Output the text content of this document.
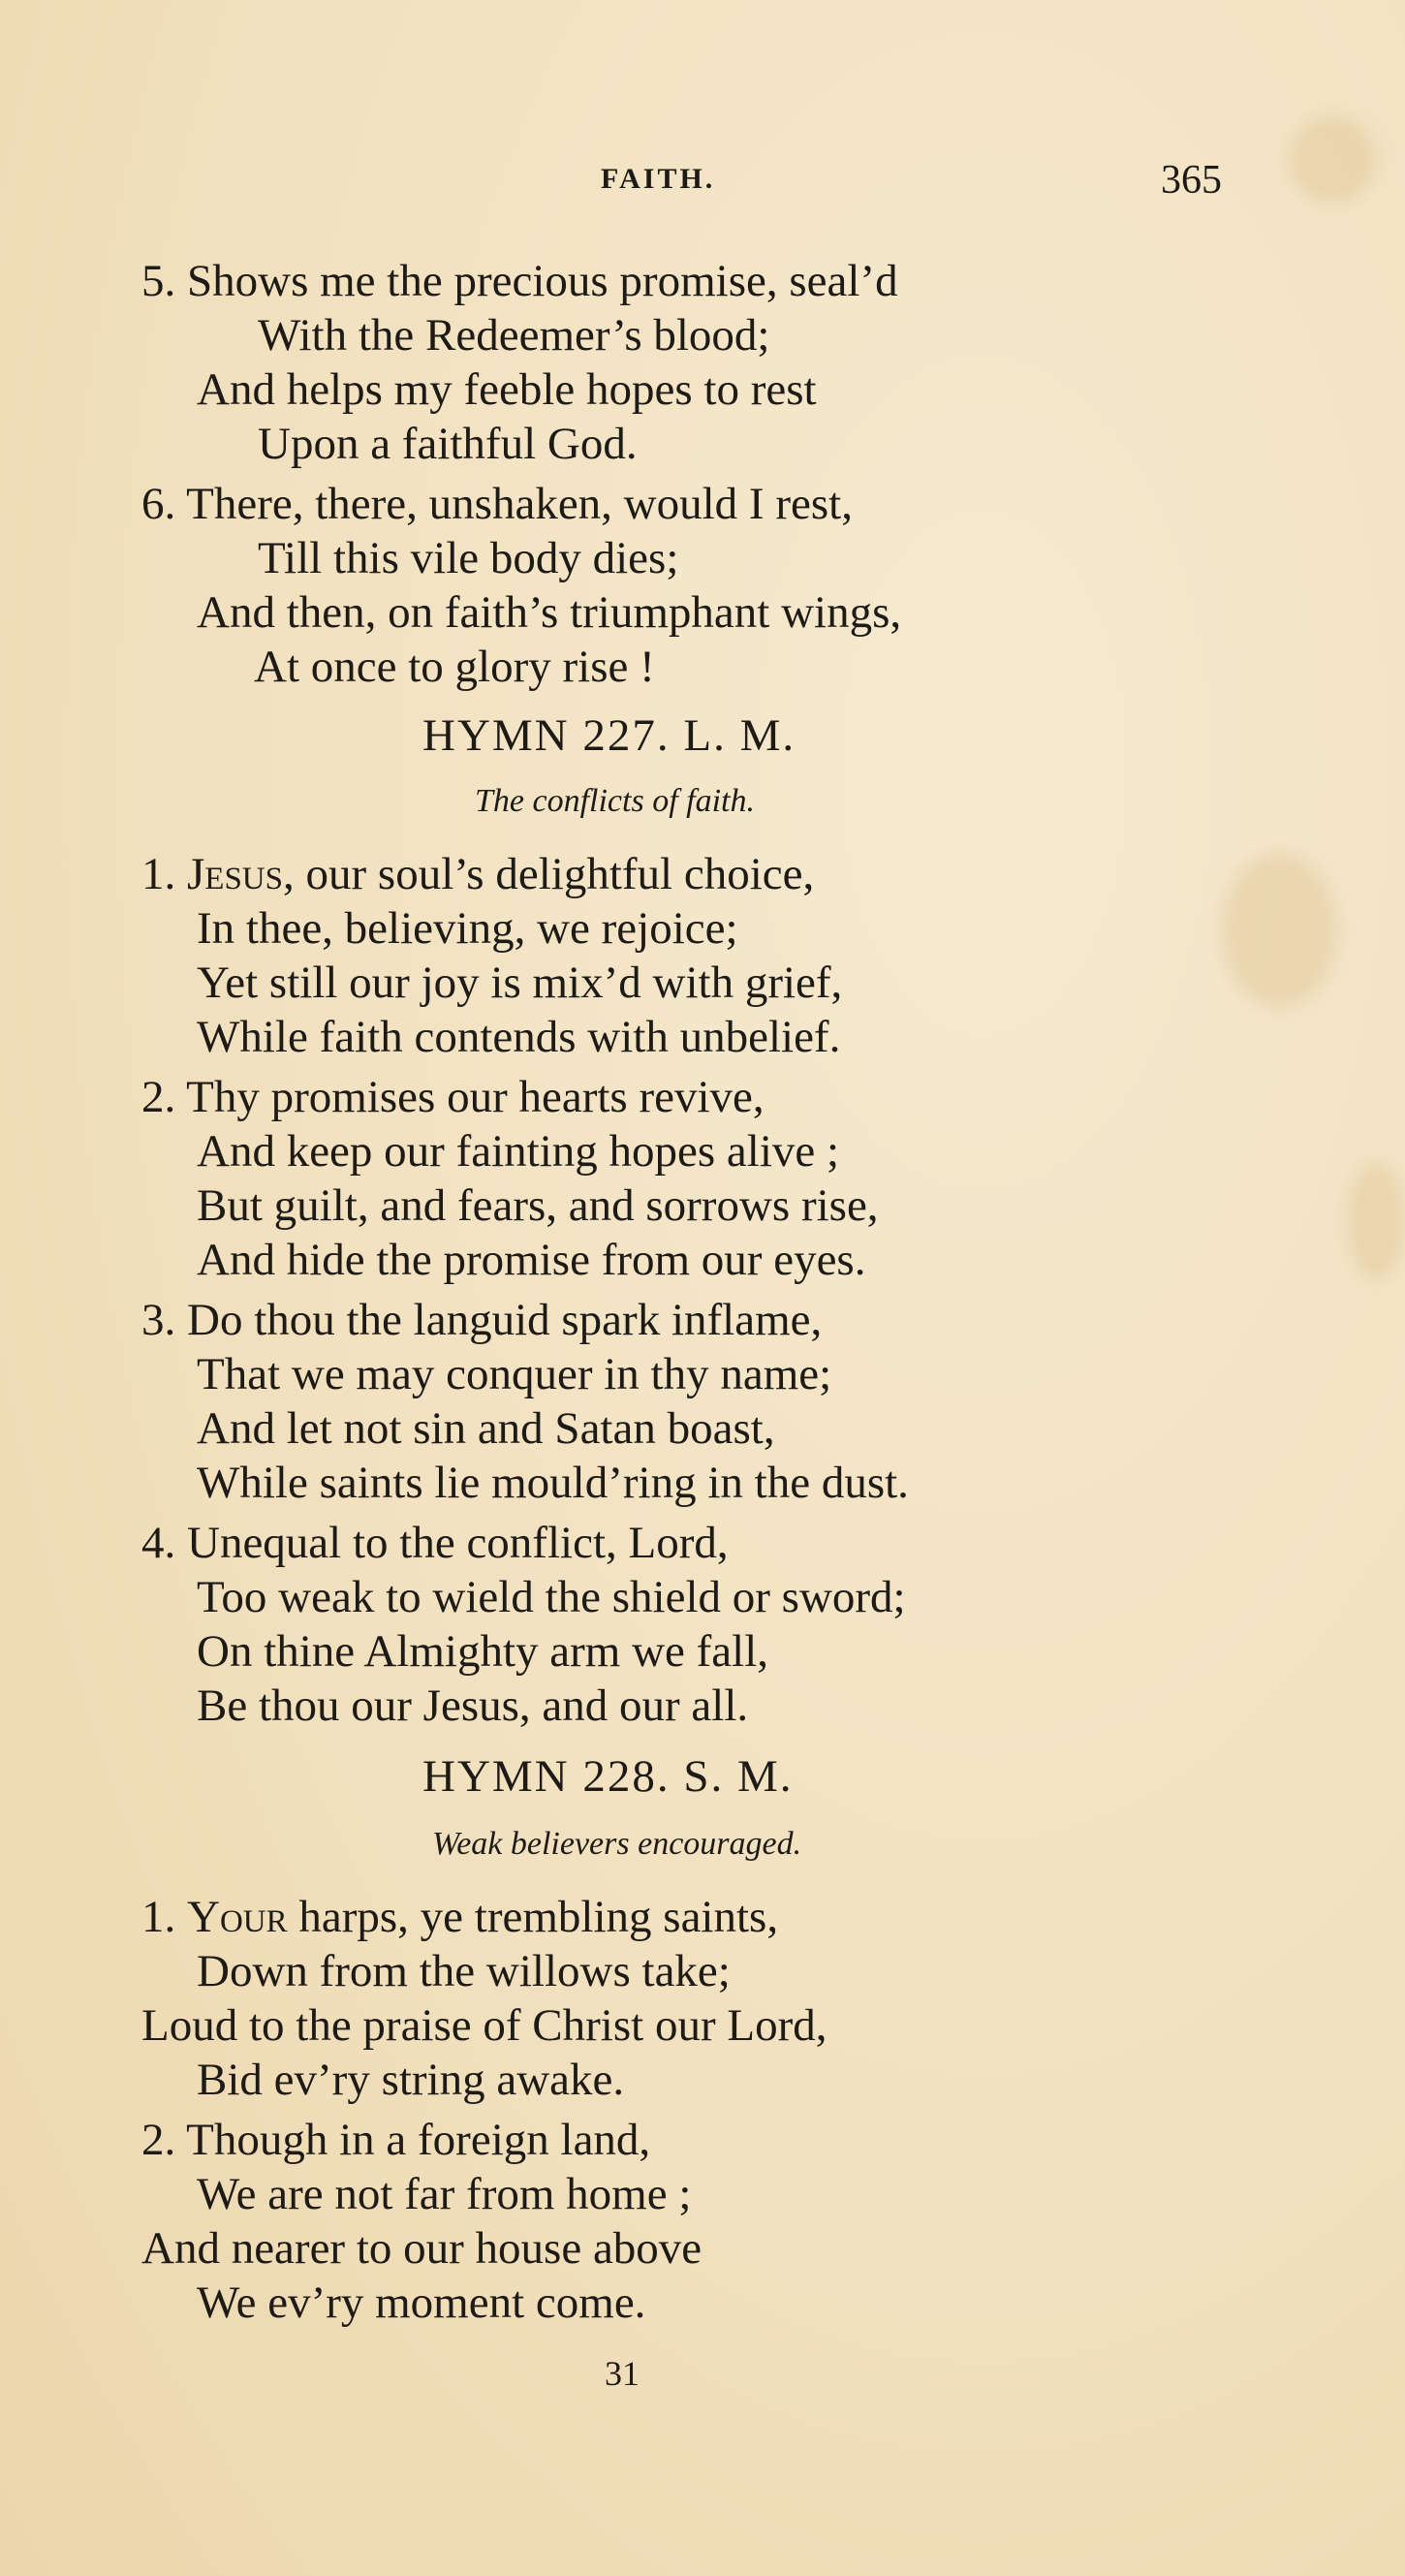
FAITH.	365
5. Shows me the precious promise, seal’d
With the Redeemer’s blood;
And helps my feeble hopes to rest
Upon a faithful God.
6. There, there, unshaken, would I rest,
Till this vile body dies;
And then, on faith’s triumphant wings,
At once to glory rise !
HYMN 227. L. M.
The conflicts of faith.
1. Jesus, our soul’s delightful choice,
In thee, believing, we rejoice;
Yet still our joy is mix’d with grief,
While faith contends with unbelief.
2. Thy promises our hearts revive,
And keep our fainting hopes alive ;
But guilt, and fears, and sorrows rise,
And hide the promise from our eyes.
3. Do thou the languid spark inflame,
That we may conquer in thy name;
And let not sin and Satan boast,
While saints lie mould’ring in the dust.
4. Unequal to the conflict, Lord,
Too weak to wield the shield or sword;
On thine Almighty arm we fall,
Be thou our Jesus, and our all.
HYMN 228. S. M.
Weak believers encouraged.
1. Your harps, ye trembling saints,
Down from the willows take;
Loud to the praise of Christ our Lord,
Bid ev’ry string awake.
2. Though in a foreign land,
We are not far from home ;
And nearer to our house above
We ev’ry moment come.
31
